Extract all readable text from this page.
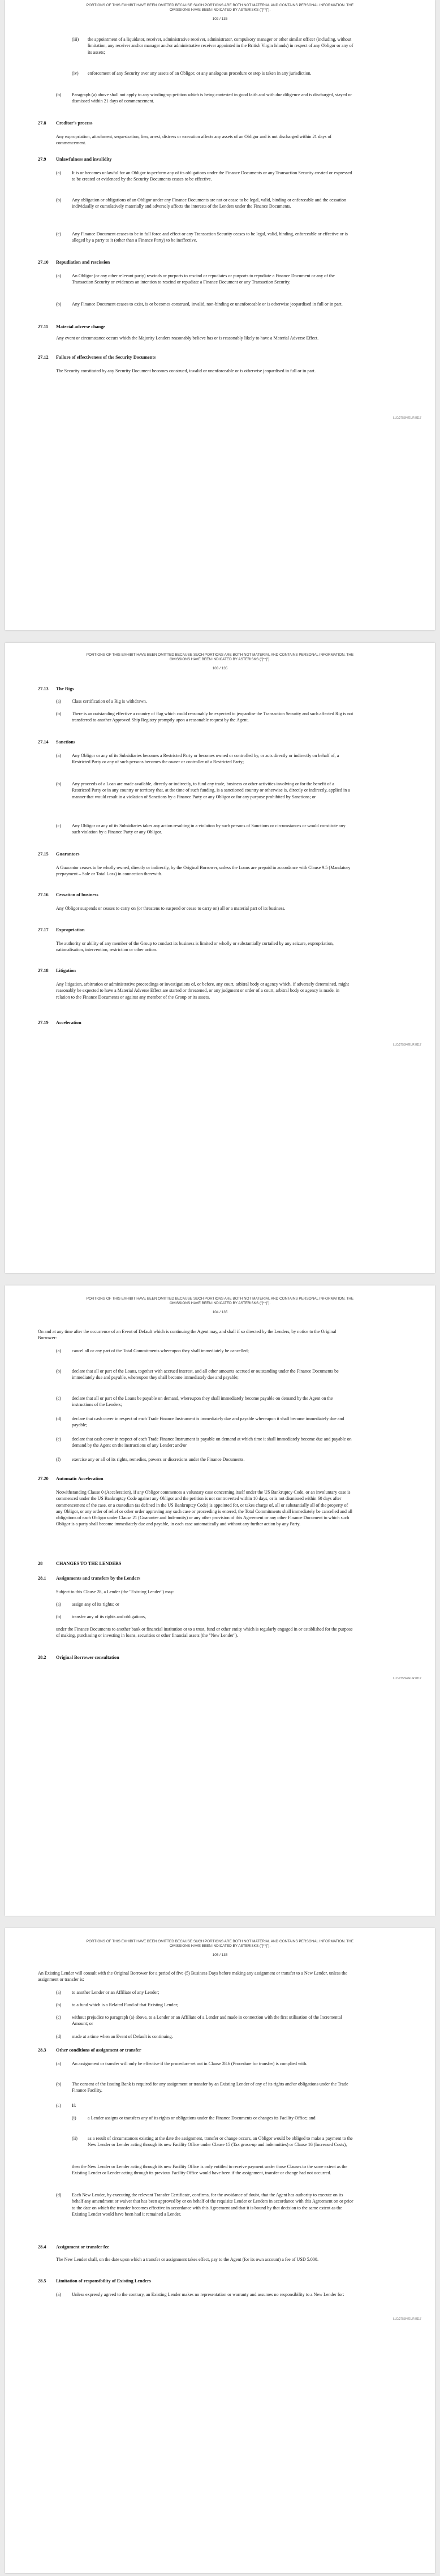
PORTIONS OF THIS EXHIBIT HAVE BEEN OMITTED BECAUSE SUCH PORTIONS ARE BOTH NOT MATERIAL AND CONTAINS PERSONAL INFORMATION. THE OMISSIONS HAVE BEEN INDICATED BY ASTERISKS ("[**]").
102 / 135
(iii) the appointment of a liquidator, receiver, administrative receiver, administrator, compulsory manager or other similar officer (including, without limitation, any receiver and/or manager and/or administrative receiver appointed in the British Virgin Islands) in respect of any Obligor or any of its assets;
(iv) enforcement of any Security over any assets of an Obligor, or any analogous procedure or step is taken in any jurisdiction.
(b) Paragraph (a) above shall not apply to any winding-up petition which is being contested in good faith and with due diligence and is discharged, stayed or dismissed within 21 days of commencement.
27.8 Creditor's process
Any expropriation, attachment, sequestration, lien, arrest, distress or execution affects any assets of an Obligor and is not discharged within 21 days of commencement.
27.9 Unlawfulness and invalidity
(a) It is or becomes unlawful for an Obligor to perform any of its obligations under the Finance Documents or any Transaction Security created or expressed to be created or evidenced by the Security Documents ceases to be effective.
(b) Any obligation or obligations of an Obligor under any Finance Documents are not or cease to be legal, valid, binding or enforceable and the cessation individually or cumulatively materially and adversely affects the interests of the Lenders under the Finance Documents.
(c) Any Finance Document ceases to be in full force and effect or any Transaction Security ceases to be legal, valid, binding, enforceable or effective or is alleged by a party to it (other than a Finance Party) to be ineffective.
27.10 Repudiation and rescission
(a) An Obligor (or any other relevant party) rescinds or purports to rescind or repudiates or purports to repudiate a Finance Document or any of the Transaction Security or evidences an intention to rescind or repudiate a Finance Document or any Transaction Security.
(b) Any Finance Document ceases to exist, is or becomes construed, invalid, non-binding or unenforceable or is otherwise jeopardised in full or in part.
27.11 Material adverse change
Any event or circumstance occurs which the Majority Lenders reasonably believe has or is reasonably likely to have a Material Adverse Effect.
27.12 Failure of effectiveness of the Security Documents
The Security constituted by any Security Document becomes construed, invalid or unenforceable or is otherwise jeopardised in full or in part.
LLC/2753/4/EUR 8117
PORTIONS OF THIS EXHIBIT HAVE BEEN OMITTED BECAUSE SUCH PORTIONS ARE BOTH NOT MATERIAL AND CONTAINS PERSONAL INFORMATION. THE OMISSIONS HAVE BEEN INDICATED BY ASTERISKS ("[**]").
103 / 135
27.13 The Rigs
(a) Class certification of a Rig is withdrawn.
(b) There is an outstanding effective a country of flag which could reasonably be expected to jeopardise the Transaction Security and such affected Rig is not transferred to another Approved Ship Registry promptly upon a reasonable request by the Agent.
27.14 Sanctions
(a) Any Obligor or any of its Subsidiaries becomes a Restricted Party or becomes owned or controlled by, or acts directly or indirectly on behalf of, a Restricted Party or any of such persons becomes the owner or controller of a Restricted Party;
(b) Any proceeds of a Loan are made available, directly or indirectly, to fund any trade, business or other activities involving or for the benefit of a Restricted Party or in any country or territory that, at the time of such funding, is a sanctioned country or otherwise is, directly or indirectly, applied in a manner that would result in a violation of Sanctions by a Finance Party or any Obligor or for any purpose prohibited by Sanctions; or
(c) Any Obligor or any of its Subsidiaries takes any action resulting in a violation by such persons of Sanctions or circumstances or would constitute any such violation by a Finance Party or any Obligor.
27.15 Guarantors
A Guarantor ceases to be wholly owned, directly or indirectly, by the Original Borrower, unless the Loans are prepaid in accordance with Clause 9.5 (Mandatory prepayment – Sale or Total Loss) in connection therewith.
27.16 Cessation of business
Any Obligor suspends or ceases to carry on (or threatens to suspend or cease to carry on) all or a material part of its business.
27.17 Expropriation
The authority or ability of any member of the Group to conduct its business is limited or wholly or substantially curtailed by any seizure, expropriation, nationalisation, intervention, restriction or other action.
27.18 Litigation
Any litigation, arbitration or administrative proceedings or investigations of, or before, any court, arbitral body or agency which, if adversely determined, might reasonably be expected to have a Material Adverse Effect are started or threatened, or any judgment or order of a court, arbitral body or agency is made, in relation to the Finance Documents or against any member of the Group or its assets.
27.19 Acceleration
LLC/2753/4/EUR 8117
PORTIONS OF THIS EXHIBIT HAVE BEEN OMITTED BECAUSE SUCH PORTIONS ARE BOTH NOT MATERIAL AND CONTAINS PERSONAL INFORMATION. THE OMISSIONS HAVE BEEN INDICATED BY ASTERISKS ("[**]").
104 / 135
On and at any time after the occurrence of an Event of Default which is continuing the Agent may, and shall if so directed by the Lenders, by notice to the Original Borrower:
(a) cancel all or any part of the Total Commitments whereupon they shall immediately be cancelled;
(b) declare that all or part of the Loans, together with accrued interest, and all other amounts accrued or outstanding under the Finance Documents be immediately due and payable, whereupon they shall become immediately due and payable;
(c) declare that all or part of the Loans be payable on demand, whereupon they shall immediately become payable on demand by the Agent on the instructions of the Lenders;
(d) declare that cash cover in respect of each Trade Finance Instrument is immediately due and payable whereupon it shall become immediately due and payable;
(e) declare that cash cover in respect of each Trade Finance Instrument is payable on demand at which time it shall immediately become due and payable on demand by the Agent on the instructions of any Lender; and/or
(f) exercise any or all of its rights, remedies, powers or discretions under the Finance Documents.
27.20 Automatic Acceleration
Notwithstanding Clause 0 (Acceleration), if any Obligor commences a voluntary case concerning itself under the US Bankruptcy Code, or an involuntary case is commenced under the US Bankruptcy Code against any Obligor and the petition is not controverted within 10 days, or is not dismissed within 60 days after commencement of the case, or a custodian (as defined in the US Bankruptcy Code) is appointed for, or takes charge of, all or substantially all of the property of any Obligor, or any order of relief or other order approving any such case or proceeding is entered, the Total Commitments shall immediately be cancelled and all obligations of each Obligor under Clause 21 (Guarantee and Indemnity) or any other provision of this Agreement or any other Finance Document to which such Obligor is a party shall become immediately due and payable, in each case automatically and without any further action by any Party.
28	CHANGES TO THE LENDERS
28.1 Assignments and transfers by the Lenders
Subject to this Clause 28, a Lender (the "Existing Lender") may:
(a) assign any of its rights; or
(b) transfer any of its rights and obligations,
under the Finance Documents to another bank or financial institution or to a trust, fund or other entity which is regularly engaged in or established for the purpose of making, purchasing or investing in loans, securities or other financial assets (the "New Lender").
28.2 Original Borrower consultation
LLC/2753/4/EUR 8117
PORTIONS OF THIS EXHIBIT HAVE BEEN OMITTED BECAUSE SUCH PORTIONS ARE BOTH NOT MATERIAL AND CONTAINS PERSONAL INFORMATION. THE OMISSIONS HAVE BEEN INDICATED BY ASTERISKS ("[**]").
105 / 135
An Existing Lender will consult with the Original Borrower for a period of five (5) Business Days before making any assignment or transfer to a New Lender, unless the assignment or transfer is:
(a) to another Lender or an Affiliate of any Lender;
(b) to a fund which is a Related Fund of that Existing Lender;
(c) without prejudice to paragraph (a) above, to a Lender or an Affiliate of a Lender and made in connection with the first utilisation of the Incremental Amount; or
(d) made at a time when an Event of Default is continuing.
28.3 Other conditions of assignment or transfer
(a) An assignment or transfer will only be effective if the procedure set out in Clause 28.6 (Procedure for transfer) is complied with.
(b) The consent of the Issuing Bank is required for any assignment or transfer by an Existing Lender of any of its rights and/or obligations under the Trade Finance Facility.
(c) If:
(i)	a Lender assigns or transfers any of its rights or obligations under the Finance Documents or changes its Facility Office; and
(ii) as a result of circumstances existing at the date the assignment, transfer or change occurs, an Obligor would be obliged to make a payment to the New Lender or Lender acting through its new Facility Office under Clause 15 (Tax gross-up and indemnities) or Clause 16 (Increased Costs),
then the New Lender or Lender acting through its new Facility Office is only entitled to receive payment under those Clauses to the same extent as the Existing Lender or Lender acting through its previous Facility Office would have been if the assignment, transfer or change had not occurred.
(d) Each New Lender, by executing the relevant Transfer Certificate, confirms, for the avoidance of doubt, that the Agent has authority to execute on its behalf any amendment or waiver that has been approved by or on behalf of the requisite Lender or Lenders in accordance with this Agreement on or prior to the date on which the transfer becomes effective in accordance with this Agreement and that it is bound by that decision to the same extent as the Existing Lender would have been had it remained a Lender.
28.4 Assignment or transfer fee
The New Lender shall, on the date upon which a transfer or assignment takes effect, pay to the Agent (for its own account) a fee of USD 5.000.
28.5 Limitation of responsibility of Existing Lenders
(a) Unless expressly agreed to the contrary, an Existing Lender makes no representation or warranty and assumes no responsibility to a New Lender for:
LLC/2753/4/EUR 8117
